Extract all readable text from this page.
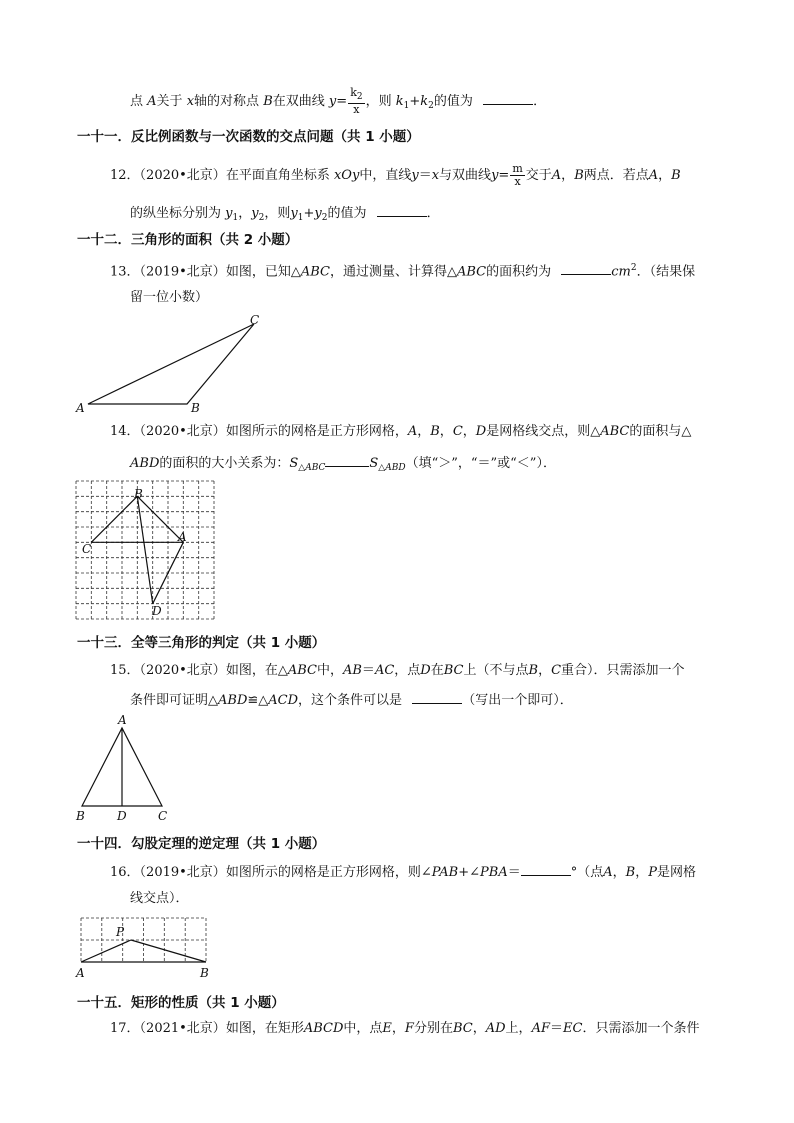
点 A关于 x轴的对称点 B在双曲线 $y= \frac{k_2}{x}$ ，则 $k_1+k_2$的值为	．
一十一．反比例函数与一次函数的交点问题（共 1 小题）
12．（2020•北京）在平面直角坐标系 xOy中，直线y＝x与双曲线$y= \frac{m}{x}$ 交于A，B两点．若点A，B
的纵坐标分别为 $y_1$，$y_2$，则$y_1+y_2$的值为	．
一十二．三角形的面积（共 2 小题）
13．（2019•北京）如图，已知△ABC，通过测量、计算得△ABC的面积约为	$cm^2$．（结果保
留一位小数）
A	B
C
14．（2020•北京）如图所示的网格是正方形网格，A，B，C，D是网格线交点，则△ABC的面积与△
ABD的面积的大小关系为：$S_{\triangle ABC}$	$S_{\triangle ABD}$（填“＞”，“＝”或“＜”）．
B
C
A
D
一十三．全等三角形的判定（共 1 小题）
15．（2020•北京）如图，在△ABC中，AB＝AC，点D在BC上（不与点B，C重合）．只需添加一个
条件即可证明△ABD≌△ACD，这个条件可以是	（写出一个即可）．
A
B	D	C
一十四．勾股定理的逆定理（共 1 小题）
16．（2019•北京）如图所示的网格是正方形网格，则∠PAB+∠PBA＝	°（点A，B，P是网格
线交点）．
P
A	B
一十五．矩形的性质（共 1 小题）
17．（2021•北京）如图，在矩形ABCD中，点E，F分别在BC，AD上，AF＝EC．只需添加一个条件
